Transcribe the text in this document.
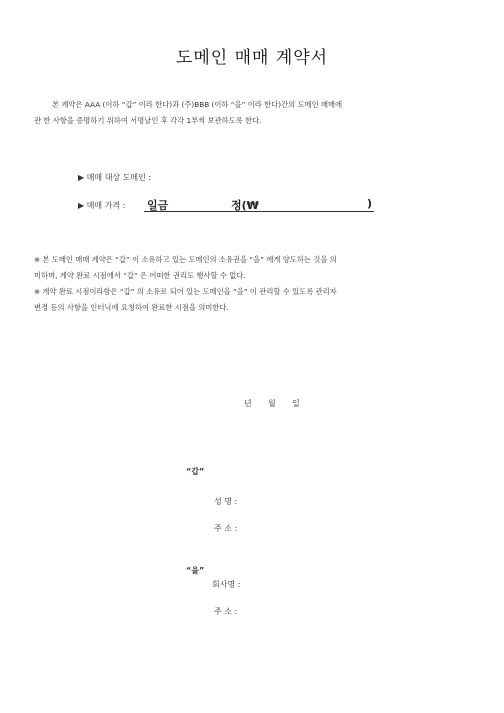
도메인 매매 계약서
본 계약은 AAA (이하 “갑” 이라 한다)과 (주)BBB (이하 “을” 이라 한다)간의 도메인 매매에
관 한 사항을 증명하기 위하여 서명날인 후 각각 1부씩 보관하도록 한다.
▶ 매매 대상 도메인 :
▶ 매매 가격 : 일금	정(₩	)
※ 본 도메인 매매 계약은 “갑” 이 소유하고 있는 도메인의 소유권을 “을” 에게 양도하는 것을 의
미하며, 계약 완료 시점에서 “갑” 은 어떠한 권리도 행사할 수 없다.
※ 계약 완료 시점이라함은 “갑” 의 소유로 되어 있는 도메인을 “을” 이 관리할 수 있도록 관리자
변경 등의 사항을 인터닉에 요청하여 완료한 시점을 의미한다.
년 월 일
“갑”
성 명 :
주 소 :
“을”
회사명 :
주 소 :
